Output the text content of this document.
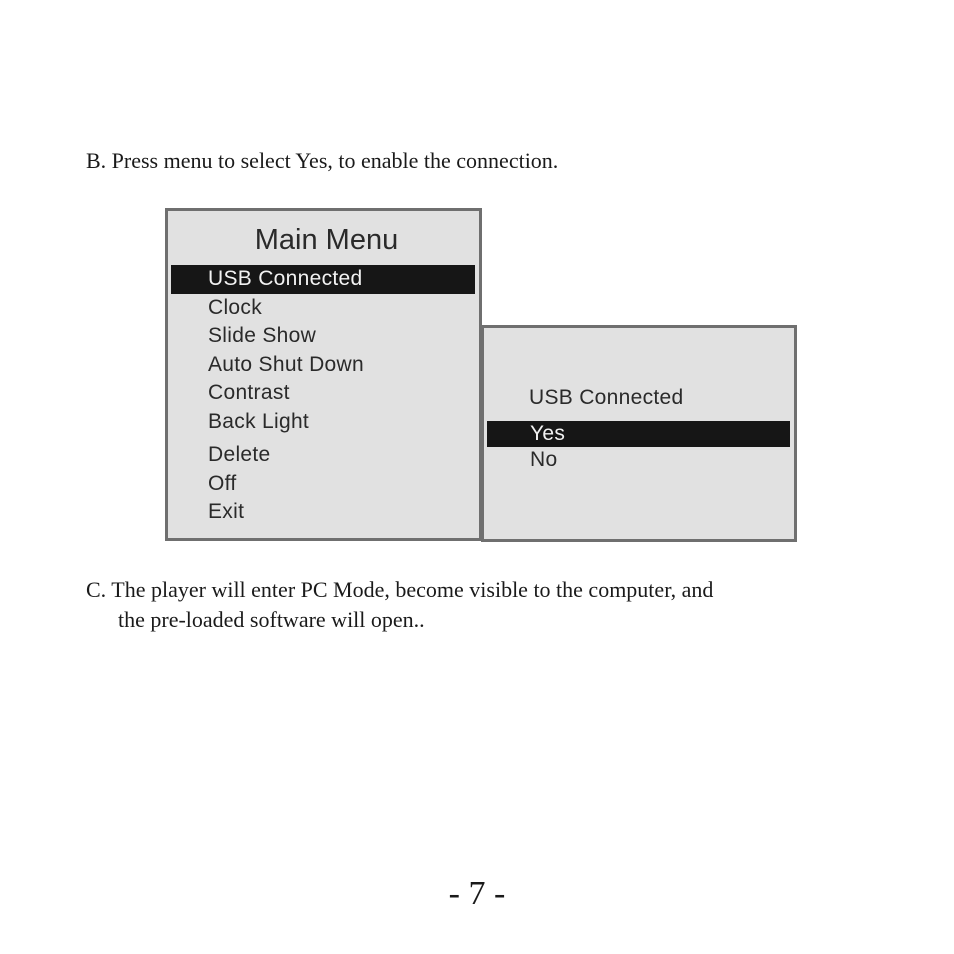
B. Press menu to select Yes, to enable the connection.
Main Menu
USB Connected
Clock
Slide Show
Auto Shut Down
Contrast
Back Light
Delete
Off
Exit
USB Connected
Yes
No
C. The player will enter PC Mode, become visible to the computer, and
the pre-loaded software will open..
- 7 -
